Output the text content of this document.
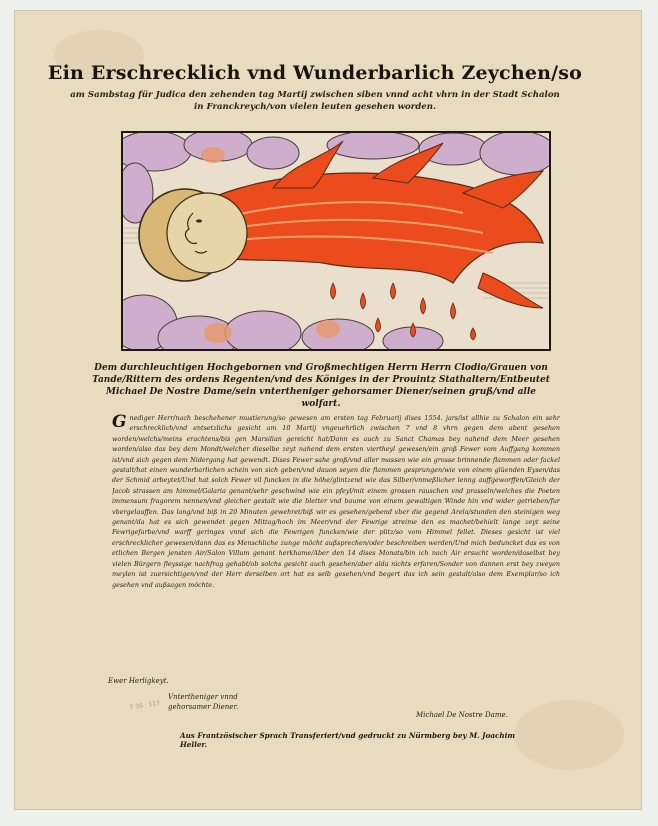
Ein Erschrecklich vnd Wunderbarlich Zeychen/so
am Sambstag für Judica den zehenden tag Martij zwischen siben vnnd acht vhrn in der Stadt Schalon in Franckreych/von vielen leuten gesehen worden.
Dem durchleuchtigen Hochgebornen vnd Großmechtigen Herrn Herrn Clodio/Grauen von Tande/Rittern des ordens Regenten/vnd des Königes in der Prouintz Stathaltern/Entbeutet Michael De Nostre Dame/sein vntertheniger gehorsamer Diener/seinen gruß/vnd alle wolfart.
Gnediger Herr/nach beschehener mustierung/so gewesen am ersten tag Februarij dises 1554. jars/ist allhie zu Schalon ein sehr erschrecklich/vnd entsetzlichs gesicht am 10 Martij vngeuehrlich zwischen 7 vnd 8 vhrn gegen dem abent gesehen worden/welchs/meins erachtens/bis gen Marsilian gereicht hat/Dann es auch zu Sanct Chamas bey nahend dem Meer gesehen worden/also das bey dem Mondt/welcher dieselbe zeyt nahend dem ersten viertheyl gewesen/ein groß Fewer vom Auffgang kommen ist/vnd sich gegen dem Nidergang hat gewendt. Dises Fewer sahe groß/vnd aller massen wie ein grosse brinnende flammen oder fackel gestalt/hat einen wunderbarlichen schein von sich geben/vnd dauon seyen die flammen gesprungen/wie von einem glüenden Eysen/das der Schmid arbeytet/Und hat solch Fewer vil funcken in die höhe/glintzend wie das Silber/vnmeßlicher lenng auffgeworffen/Gleich der Jacob strassen am himmel/Galaria genant/sehr geschwind wie ein pfeyl/mit einem grossen rauschen vnd prasseln/welches die Poeten immensum fragorem nennen/vnd gleicher gestalt wie die bletter vnd baume von einem gewaltigen Winde hin vnd wider getrieben/fur vbergelauffen. Das lang/vnd biß in 20 Minuten gewehret/biß wir es gesehen/gebend vber die gegend Arela/stunden den steinigen weg genant/da hat es sich gewendet gegen Mittag/hoch im Meer/vnd der Fewrige streime den es machet/behielt lange zeyt seine Fewrigefarbe/vnd warff geringes vnnd sich die Fewrigen funcken/wie der plitz/so vom Himmel fellet. Dieses gesicht ist viel erschrecklicher gewesen/dann das es Menschliche zunge möcht außsprechen/oder beschreiben werden/Und mich beduncket das es von etlichen Bergen jensten Air/Salon Villum genant herkhame/Aber den 14 dises Monats/bin ich nach Air ersucht worden/daselbst bey vielen Bürgern fleyssige nachfrag gehabt/ob solchs gesicht auch gesehen/aber alda nichts erfaren/Sonder von dannen erst bey zweyen meylen ist zuersichtigen/vnd der Herr derselben ort hat es selb gesehen/vnd begert das ich sein gestalt/also dem Exemplar/so ich gesehen vnd außsagen möchte.
Ewer Herligkeyt.
Vntertheniger vnnd
gehorsamer Diener.
F 36 · 117
Michael De Nostre Dame.
Aus Frantzösischer Sprach Transferiert/vnd gedruckt zu Nürmberg bey M. Joachim Heller.
